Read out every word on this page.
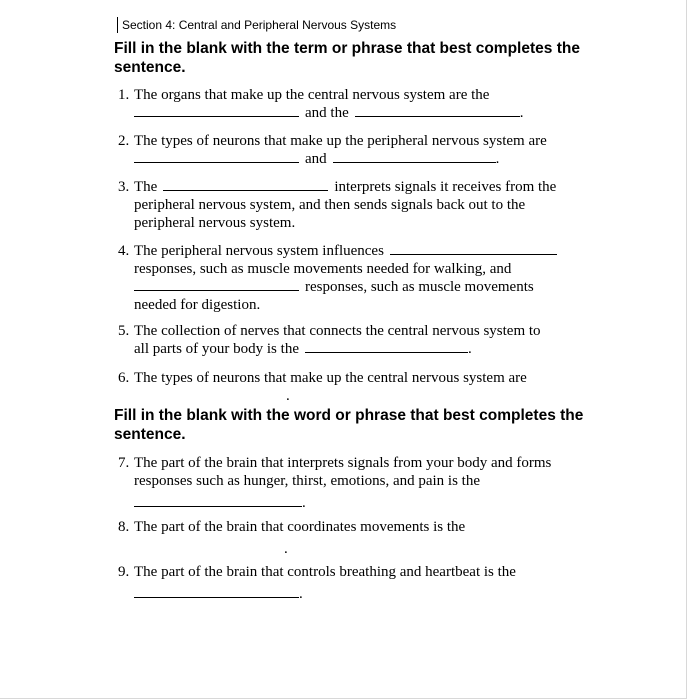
Section 4: Central and Peripheral Nervous Systems
Fill in the blank with the term or phrase that best completes the sentence.
1. The organs that make up the central nervous system are the
and the	.
2. The types of neurons that make up the peripheral nervous system are
and	.
3. The	interprets signals it receives from the
peripheral nervous system, and then sends signals back out to the
peripheral nervous system.
4. The peripheral nervous system influences
responses, such as muscle movements needed for walking, and
responses, such as muscle movements
needed for digestion.
5. The collection of nerves that connects the central nervous system to
all parts of your body is the	.
6. The types of neurons that make up the central nervous system are
.
Fill in the blank with the word or phrase that best completes the sentence.
7. The part of the brain that interprets signals from your body and forms
responses such as hunger, thirst, emotions, and pain is the
.
8. The part of the brain that coordinates movements is the
.
9. The part of the brain that controls breathing and heartbeat is the
.
